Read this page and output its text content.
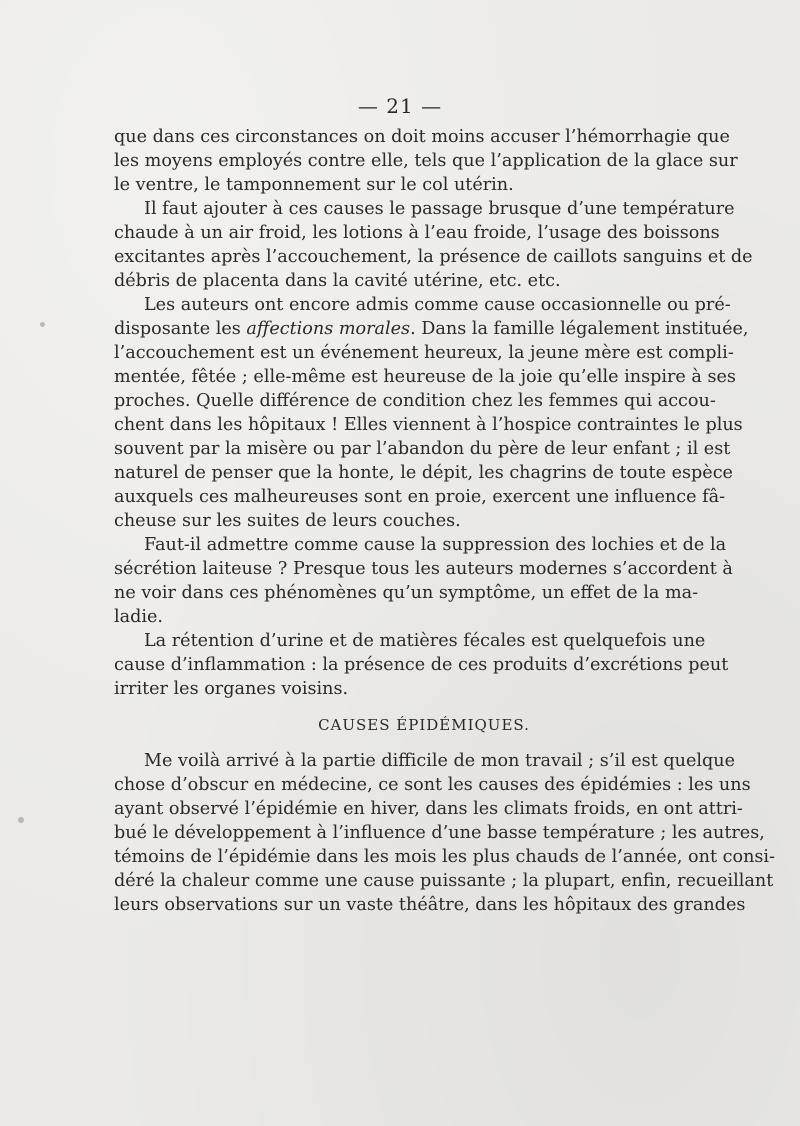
— 21 —
que dans ces circonstances on doit moins accuser l’hémorrhagie que
les moyens employés contre elle, tels que l’application de la glace sur
le ventre, le tamponnement sur le col utérin.
Il faut ajouter à ces causes le passage brusque d’une température
chaude à un air froid, les lotions à l’eau froide, l’usage des boissons
excitantes après l’accouchement, la présence de caillots sanguins et de
débris de placenta dans la cavité utérine, etc. etc.
Les auteurs ont encore admis comme cause occasionnelle ou pré-
disposante les affections morales. Dans la famille légalement instituée,
l’accouchement est un événement heureux, la jeune mère est compli-
mentée, fêtée ; elle-même est heureuse de la joie qu’elle inspire à ses
proches. Quelle différence de condition chez les femmes qui accou-
chent dans les hôpitaux ! Elles viennent à l’hospice contraintes le plus
souvent par la misère ou par l’abandon du père de leur enfant ; il est
naturel de penser que la honte, le dépit, les chagrins de toute espèce
auxquels ces malheureuses sont en proie, exercent une influence fâ-
cheuse sur les suites de leurs couches.
Faut-il admettre comme cause la suppression des lochies et de la
sécrétion laiteuse ? Presque tous les auteurs modernes s’accordent à
ne voir dans ces phénomènes qu’un symptôme, un effet de la ma-
ladie.
La rétention d’urine et de matières fécales est quelquefois une
cause d’inflammation : la présence de ces produits d’excrétions peut
irriter les organes voisins.
CAUSES ÉPIDÉMIQUES.
Me voilà arrivé à la partie difficile de mon travail ; s’il est quelque
chose d’obscur en médecine, ce sont les causes des épidémies : les uns
ayant observé l’épidémie en hiver, dans les climats froids, en ont attri-
bué le développement à l’influence d’une basse température ; les autres,
témoins de l’épidémie dans les mois les plus chauds de l’année, ont consi-
déré la chaleur comme une cause puissante ; la plupart, enfin, recueillant
leurs observations sur un vaste théâtre, dans les hôpitaux des grandes
